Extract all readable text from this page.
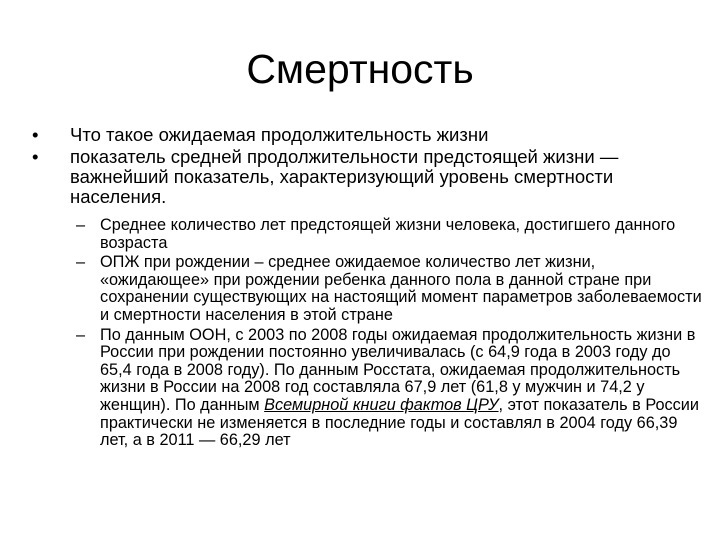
Смертность
•	Что такое ожидаемая продолжительность жизни
•	показатель средней продолжительности предстоящей жизни — важнейший показатель, характеризующий уровень смертности населения.
– Среднее количество лет предстоящей жизни человека, достигшего данного возраста
– ОПЖ при рождении – среднее ожидаемое количество лет жизни, «ожидающее» при рождении ребенка данного пола в данной стране при сохранении существующих на настоящий момент параметров заболеваемости и смертности населения в этой стране
– По данным ООН, с 2003 по 2008 годы ожидаемая продолжительность жизни в России при рождении постоянно увеличивалась (с 64,9 года в 2003 году до 65,4 года в 2008 году). По данным Росстата, ожидаемая продолжительность жизни в России на 2008 год составляла 67,9 лет (61,8 у мужчин и 74,2 у женщин). По данным Всемирной книги фактов ЦРУ, этот показатель в России практически не изменяется в последние годы и составлял в 2004 году 66,39 лет, а в 2011 — 66,29 лет
